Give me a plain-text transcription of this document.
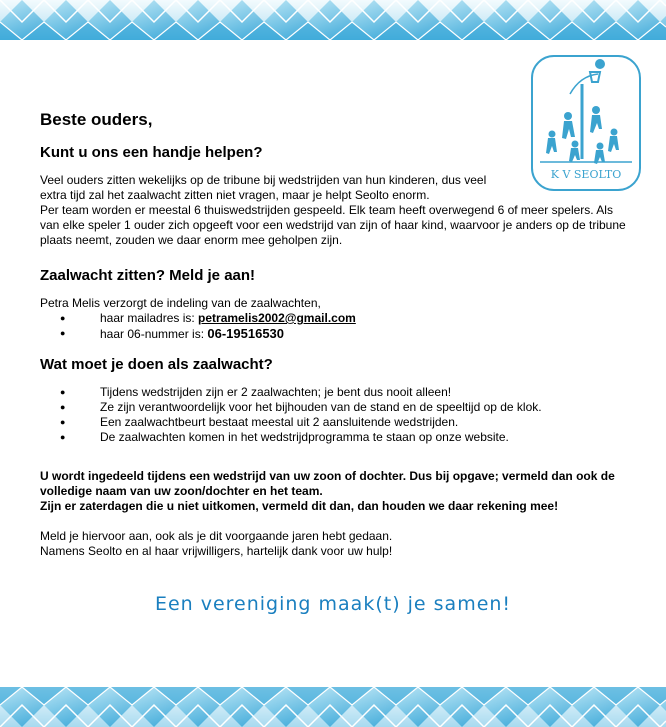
K V SEOLTO
Beste ouders,
Kunt u ons een handje helpen?

Veel ouders zitten wekelijks op de tribune bij wedstrijden van hun kinderen, dus veel extra tijd zal het zaalwacht zitten niet vragen, maar je helpt Seolto enorm.

Per team worden er meestal 6 thuiswedstrijden gespeeld. Elk team heeft overwegend 6 of meer spelers. Als van elke speler 1 ouder zich opgeeft voor een wedstrijd van zijn of haar kind, waarvoor je anders op de tribune plaats neemt, zouden we daar enorm mee geholpen zijn.

Zaalwacht zitten? Meld je aan!

Petra Melis verzorgt de indeling van de zaalwachten,

● haar mailadres is: petramelis2002@gmail.com
● haar 06-nummer is: 06-19516530
Wat moet je doen als zaalwacht?
● Tijdens wedstrijden zijn er 2 zaalwachten; je bent dus nooit alleen!
● Ze zijn verantwoordelijk voor het bijhouden van de stand en de speeltijd op de klok.
● Een zaalwachtbeurt bestaat meestal uit 2 aansluitende wedstrijden.
● De zaalwachten komen in het wedstrijdprogramma te staan op onze website.

U wordt ingedeeld tijdens een wedstrijd van uw zoon of dochter. Dus bij opgave; vermeld dan ook de volledige naam van uw zoon/dochter en het team.

Zijn er zaterdagen die u niet uitkomen, vermeld dit dan, dan houden we daar rekening mee!

Meld je hiervoor aan, ook als je dit voorgaande jaren hebt gedaan.

Namens Seolto en al haar vrijwilligers, hartelijk dank voor uw hulp!

Een vereniging maak(t) je samen!
